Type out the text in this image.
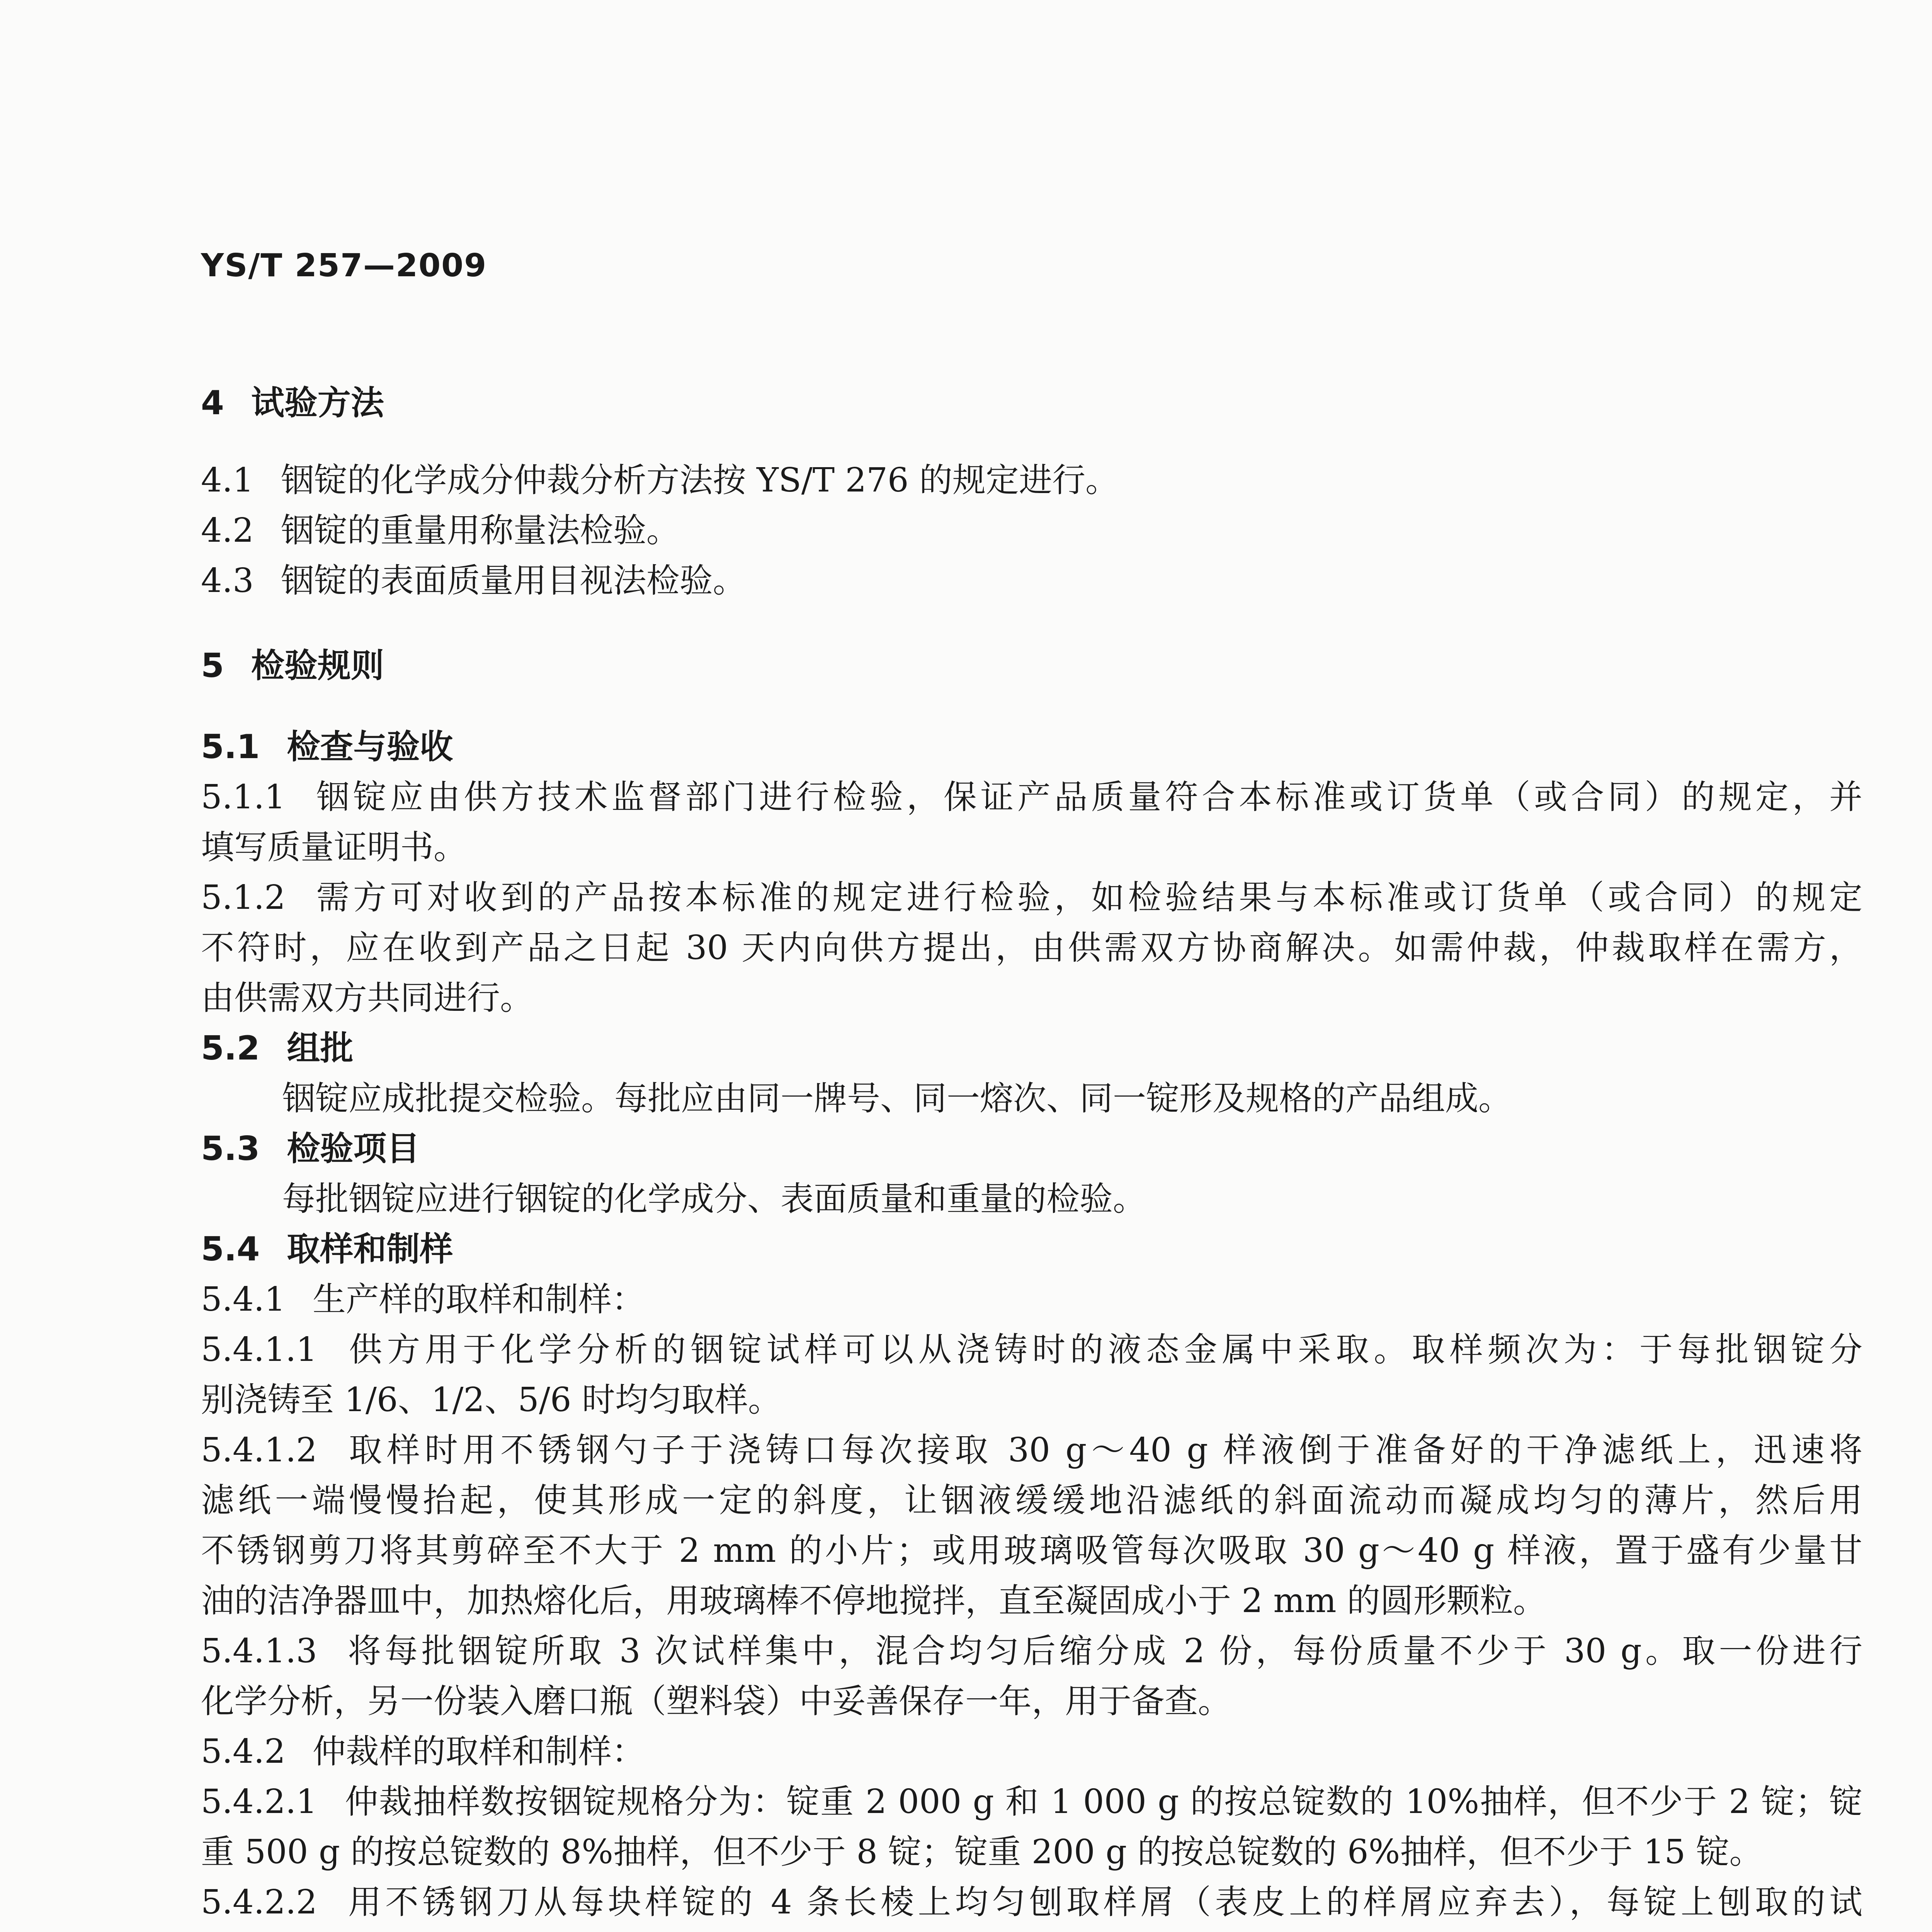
YS/T 257—2009
4 试验方法
4.1 铟锭的化学成分仲裁分析方法按 YS/T 276 的规定进行。
4.2 铟锭的重量用称量法检验。
4.3 铟锭的表面质量用目视法检验。
5 检验规则
5.1 检查与验收
5.1.1 铟锭应由供方技术监督部门进行检验，保证产品质量符合本标准或订货单（或合同）的规定，并
填写质量证明书。
5.1.2 需方可对收到的产品按本标准的规定进行检验，如检验结果与本标准或订货单（或合同）的规定
不符时，应在收到产品之日起 30 天内向供方提出，由供需双方协商解决。如需仲裁，仲裁取样在需方，
由供需双方共同进行。
5.2 组批
铟锭应成批提交检验。每批应由同一牌号、同一熔次、同一锭形及规格的产品组成。
5.3 检验项目
每批铟锭应进行铟锭的化学成分、表面质量和重量的检验。
5.4 取样和制样
5.4.1 生产样的取样和制样：
5.4.1.1 供方用于化学分析的铟锭试样可以从浇铸时的液态金属中采取。取样频次为：于每批铟锭分
别浇铸至 1/6、1/2、5/6 时均匀取样。
5.4.1.2 取样时用不锈钢勺子于浇铸口每次接取 30 g～40 g 样液倒于准备好的干净滤纸上，迅速将
滤纸一端慢慢抬起，使其形成一定的斜度，让铟液缓缓地沿滤纸的斜面流动而凝成均匀的薄片，然后用
不锈钢剪刀将其剪碎至不大于 2 mm 的小片；或用玻璃吸管每次吸取 30 g～40 g 样液，置于盛有少量甘
油的洁净器皿中，加热熔化后，用玻璃棒不停地搅拌，直至凝固成小于 2 mm 的圆形颗粒。
5.4.1.3 将每批铟锭所取 3 次试样集中，混合均匀后缩分成 2 份，每份质量不少于 30 g。取一份进行
化学分析，另一份装入磨口瓶（塑料袋）中妥善保存一年，用于备查。
5.4.2 仲裁样的取样和制样：
5.4.2.1 仲裁抽样数按铟锭规格分为：锭重 2 000 g 和 1 000 g 的按总锭数的 10%抽样，但不少于 2 锭；锭
重 500 g 的按总锭数的 8%抽样，但不少于 8 锭；锭重 200 g 的按总锭数的 6%抽样，但不少于 15 锭。
5.4.2.2 用不锈钢刀从每块样锭的 4 条长棱上均匀刨取样屑（表皮上的样屑应弃去），每锭上刨取的试
